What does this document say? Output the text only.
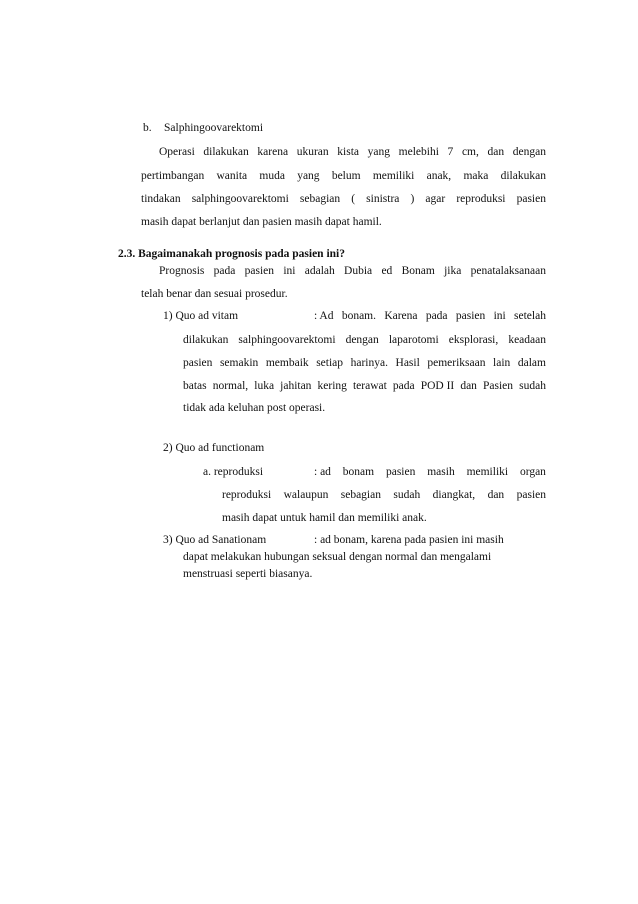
b. Salphingoovarektomi
Operasi dilakukan karena ukuran kista yang melebihi 7 cm, dan dengan
pertimbangan wanita muda yang belum memiliki anak, maka dilakukan
tindakan salphingoovarektomi sebagian ( sinistra ) agar reproduksi pasien
masih dapat berlanjut dan pasien masih dapat hamil.
2.3. Bagaimanakah prognosis pada pasien ini?
Prognosis pada pasien ini adalah Dubia ed Bonam jika penatalaksanaan
telah benar dan sesuai prosedur.
1) Quo ad vitam	: Ad bonam. Karena pada pasien ini setelah
dilakukan salphingoovarektomi dengan laparotomi eksplorasi, keadaan
pasien semakin membaik setiap harinya. Hasil pemeriksaan lain dalam
batas normal, luka jahitan kering terawat pada POD II dan Pasien sudah
tidak ada keluhan post operasi.
2) Quo ad functionam
a. reproduksi	: ad bonam pasien masih memiliki organ
reproduksi walaupun sebagian sudah diangkat, dan pasien
masih dapat untuk hamil dan memiliki anak.
3) Quo ad Sanationam	: ad bonam, karena pada pasien ini masih
dapat melakukan hubungan seksual dengan normal dan mengalami
menstruasi seperti biasanya.
